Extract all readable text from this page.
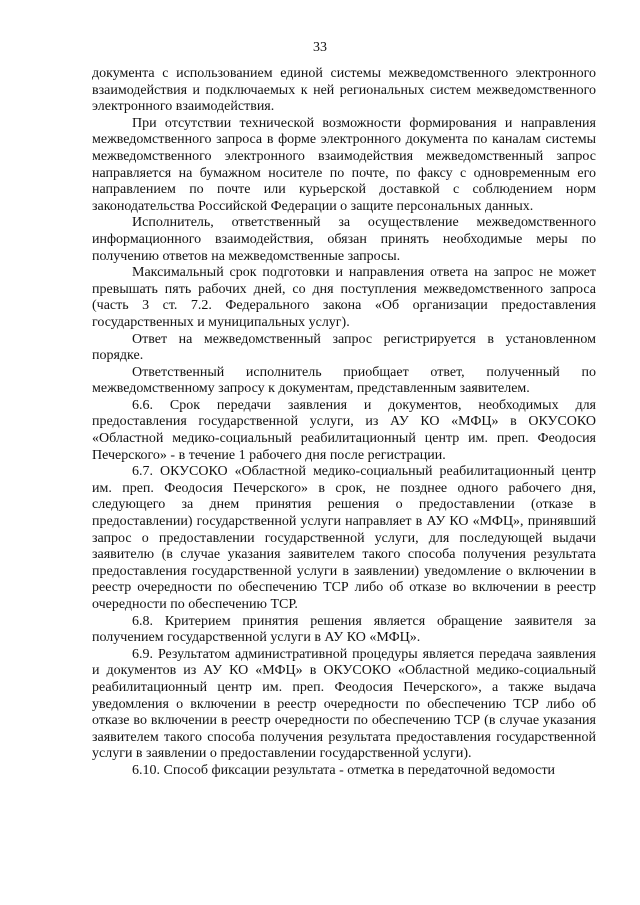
33

документа с использованием единой системы межведомственного электронного взаимодействия и подключаемых к ней региональных систем межведомственного электронного взаимодействия.

При отсутствии технической возможности формирования и направления межведомственного запроса в форме электронного документа по каналам системы межведомственного электронного взаимодействия межведомственный запрос направляется на бумажном носителе по почте, по факсу с одновременным его направлением по почте или курьерской доставкой с соблюдением норм законодательства Российской Федерации о защите персональных данных.

Исполнитель, ответственный за осуществление межведомственного информационного взаимодействия, обязан принять необходимые меры по получению ответов на межведомственные запросы.

Максимальный срок подготовки и направления ответа на запрос не может превышать пять рабочих дней, со дня поступления межведомственного запроса (часть 3 ст. 7.2. Федерального закона «Об организации предоставления государственных и муниципальных услуг).

Ответ на межведомственный запрос регистрируется в установленном порядке.

Ответственный исполнитель приобщает ответ, полученный по межведомственному запросу к документам, представленным заявителем.

6.6. Срок передачи заявления и документов, необходимых для предоставления государственной услуги, из АУ КО «МФЦ» в ОКУСОКО «Областной медико-социальный реабилитационный центр им. преп. Феодосия Печерского» - в течение 1 рабочего дня после регистрации.

6.7. ОКУСОКО «Областной медико-социальный реабилитационный центр им. преп. Феодосия Печерского» в срок, не позднее одного рабочего дня, следующего за днем принятия решения о предоставлении (отказе в предоставлении) государственной услуги направляет в АУ КО «МФЦ», принявший запрос о предоставлении государственной услуги, для последующей выдачи заявителю (в случае указания заявителем такого способа получения результата предоставления государственной услуги в заявлении) уведомление о включении в реестр очередности по обеспечению ТСР либо об отказе во включении в реестр очередности по обеспечению ТСР.

6.8. Критерием принятия решения является обращение заявителя за получением государственной услуги в АУ КО «МФЦ».

6.9. Результатом административной процедуры является передача заявления и документов из АУ КО «МФЦ» в ОКУСОКО «Областной медико-социальный реабилитационный центр им. преп. Феодосия Печерского», а также выдача уведомления о включении в реестр очередности по обеспечению ТСР либо об отказе во включении в реестр очередности по обеспечению ТСР (в случае указания заявителем такого способа получения результата предоставления государственной услуги в заявлении о предоставлении государственной услуги).

6.10. Способ фиксации результата - отметка в передаточной ведомости
